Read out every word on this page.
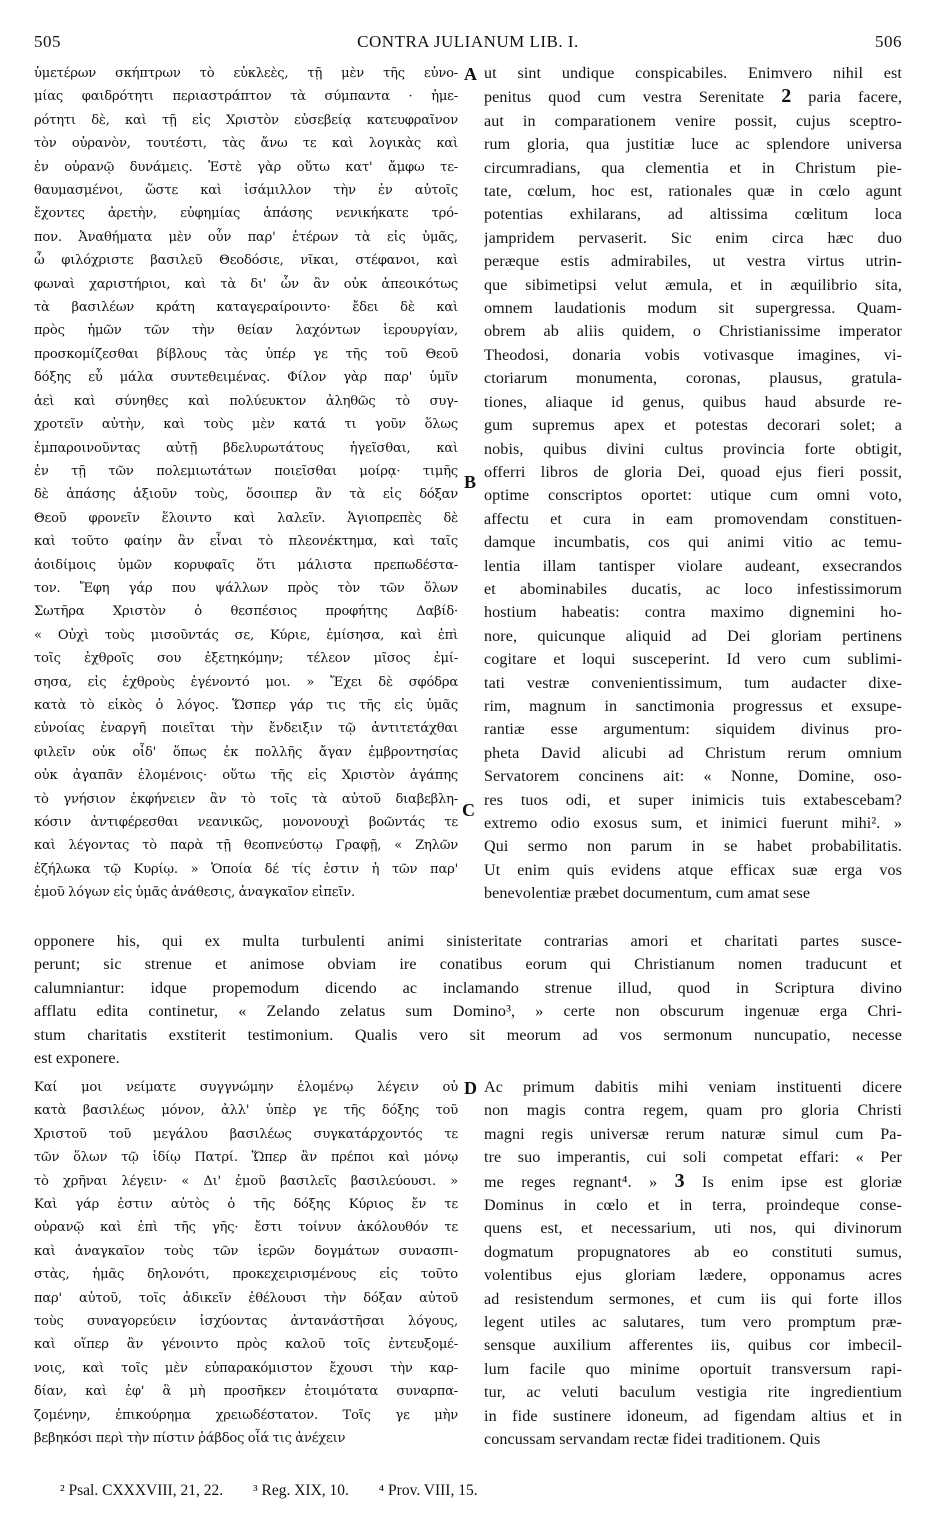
505	CONTRA JULIANUM LIB. I.	506
ὑμετέρων σκήπτρων τὸ εὐκλεὲς, τῇ μὲν τῆς εὐνο-
μίας φαιδρότητι περιαστράπτον τὰ σύμπαντα · ἡμε-
ρότητι δὲ, καὶ τῇ εἰς Χριστὸν εὐσεβείᾳ κατευφραῖνον
τὸν οὐρανὸν, τουτέστι, τὰς ἄνω τε καὶ λογικὰς καὶ
ἐν οὐρανῷ δυνάμεις. Ἐστὲ γὰρ οὕτω κατ' ἄμφω τε-
θαυμασμένοι, ὥστε καὶ ἰσάμιλλον τὴν ἐν αὐτοῖς
ἔχοντες ἀρετὴν, εὐφημίας ἁπάσης νενικήκατε τρό-
πον. Ἀναθήματα μὲν οὖν παρ' ἑτέρων τὰ εἰς ὑμᾶς,
ὦ φιλόχριστε βασιλεῦ Θεοδόσιε, νῖκαι, στέφανοι, καὶ
φωναὶ χαριστήριοι, καὶ τὰ δι' ὧν ἂν οὐκ ἀπεοικότως
τὰ βασιλέων κράτη καταγεραίροιντο· ἔδει δὲ καὶ
πρὸς ἡμῶν τῶν τὴν θείαν λαχόντων ἱερουργίαν,
προσκομίζεσθαι βίβλους τὰς ὑπέρ γε τῆς τοῦ Θεοῦ
δόξης εὖ μάλα συντεθειμένας. Φίλον γὰρ παρ' ὑμῖν
ἀεὶ καὶ σύνηθες καὶ πολύευκτον ἀληθῶς τὸ συγ-
χροτεῖν αὐτὴν, καὶ τοὺς μὲν κατά τι γοῦν ὅλως
ἐμπαροινοῦντας αὐτῇ βδελυρωτάτους ἡγεῖσθαι, καὶ
ἐν τῇ τῶν πολεμιωτάτων ποιεῖσθαι μοίρᾳ· τιμῆς
δὲ ἁπάσης ἀξιοῦν τοὺς, ὅσοιπερ ἂν τὰ εἰς δόξαν
Θεοῦ φρονεῖν ἕλοιντο καὶ λαλεῖν. Ἁγιοπρεπὲς δὲ
καὶ τοῦτο φαίην ἂν εἶναι τὸ πλεονέκτημα, καὶ ταῖς
ἀοιδίμοις ὑμῶν κορυφαῖς ὅτι μάλιστα πρεπωδέστα-
τον. Ἔφη γάρ που ψάλλων πρὸς τὸν τῶν ὅλων
Σωτῆρα Χριστὸν ὁ θεσπέσιος προφήτης Δαβίδ·
« Οὐχὶ τοὺς μισοῦντάς σε, Κύριε, ἐμίσησα, καὶ ἐπὶ
τοῖς ἐχθροῖς σου ἐξετηκόμην; τέλεον μῖσος ἐμί-
σησα, εἰς ἐχθροὺς ἐγένοντό μοι. » Ἔχει δὲ σφόδρα
κατὰ τὸ εἰκὸς ὁ λόγος. Ὥσπερ γάρ τις τῆς εἰς ὑμᾶς
εὐνοίας ἐναργῆ ποιεῖται τὴν ἔνδειξιν τῷ ἀντιτετάχθαι
φιλεῖν οὐκ οἶδ' ὅπως ἐκ πολλῆς ἄγαν ἐμβροντησίας
οὐκ ἀγαπᾶν ἑλομένοις· οὕτω τῆς εἰς Χριστὸν ἀγάπης
τὸ γνήσιον ἐκφήνειεν ἂν τὸ τοῖς τὰ αὐτοῦ διαβεβλη-
κόσιν ἀντιφέρεσθαι νεανικῶς, μονονουχὶ βοῶντάς τε
καὶ λέγοντας τὸ παρὰ τῇ θεοπνεύστῳ Γραφῇ, « Ζηλῶν
ἐζήλωκα τῷ Κυρίῳ. » Ὁποία δέ τίς ἐστιν ἡ τῶν παρ'
ἐμοῦ λόγων εἰς ὑμᾶς ἀνάθεσις, ἀναγκαῖον εἰπεῖν.
A ut sint undique conspicabiles. Enimvero nihil est
penitus quod cum vestra Serenitate 2 paria facere,
aut in comparationem venire possit, cujus sceptro-
rum gloria, qua justitiæ luce ac splendore universa
circumradians, qua clementia et in Christum pie-
tate, cœlum, hoc est, rationales quæ in cœlo agunt
potentias exhilarans, ad altissima cœlitum loca
jampridem pervaserit. Sic enim circa hæc duo
peræque estis admirabiles, ut vestra virtus utrin-
que sibimetipsi velut æmula, et in æquilibrio sita,
omnem laudationis modum sit supergressa. Quam-
obrem ab aliis quidem, o Christianissime imperator
Theodosi, donaria vobis votivasque imagines, vi-
ctoriarum monumenta, coronas, plausus, gratula-
tiones, aliaque id genus, quibus haud absurde re-
gum supremus apex et potestas decorari solet; a
nobis, quibus divini cultus provincia forte obtigit,
offerri libros de gloria Dei, quoad ejus fieri possit,
optime conscriptos oportet: utique cum omni voto,
affectu et cura in eam promovendam constituen-
damque incumbatis, cos qui animi vitio ac temu-
lentia illam tantisper violare audeant, exsecrandos
et abominabiles ducatis, ac loco infestissimorum
hostium habeatis: contra maximo dignemini ho-
nore, quicunque aliquid ad Dei gloriam pertinens
cogitare et loqui susceperint. Id vero cum sublimi-
tati vestræ convenientissimum, tum audacter dixe-
rim, magnum in sanctimonia progressus et exsupe-
rantiæ esse argumentum: siquidem divinus pro-
pheta David alicubi ad Christum rerum omnium
Servatorem concinens ait: « Nonne, Domine, oso-
res tuos odi, et super inimicis tuis extabescebam?
extremo odio exosus sum, et inimici fuerunt mihi². »
Qui sermo non parum in se habet probabilitatis.
Ut enim quis evidens atque efficax suæ erga vos
benevolentiæ præbet documentum, cum amat sese
B
C
opponere his, qui ex multa turbulenti animi sinisteritate contrarias amori et charitati partes susce-
perunt; sic strenue et animose obviam ire conatibus eorum qui Christianum nomen traducunt et
calumniantur: idque propemodum dicendo ac inclamando strenue illud, quod in Scriptura divino
afflatu edita continetur, « Zelando zelatus sum Domino³, » certe non obscurum ingenuæ erga Chri-
stum charitatis exstiterit testimonium. Qualis vero sit meorum ad vos sermonum nuncupatio, necesse
est exponere.
Καί μοι νείματε συγγνώμην ἑλομένῳ λέγειν οὐ
κατὰ βασιλέως μόνον, ἀλλ' ὑπὲρ γε τῆς δόξης τοῦ
Χριστοῦ τοῦ μεγάλου βασιλέως συγκατάρχοντός τε
τῶν ὅλων τῷ ἰδίῳ Πατρί. Ὥπερ ἂν πρέποι καὶ μόνῳ
τὸ χρῆναι λέγειν· « Δι' ἐμοῦ βασιλεῖς βασιλεύουσι. »
Καὶ γάρ ἐστιν αὐτὸς ὁ τῆς δόξης Κύριος ἔν τε
οὐρανῷ καὶ ἐπὶ τῆς γῆς· ἔστι τοίνυν ἀκόλουθόν τε
καὶ ἀναγκαῖον τοὺς τῶν ἱερῶν δογμάτων συνασπι-
στὰς, ἡμᾶς δηλονότι, προκεχειρισμένους εἰς τοῦτο
παρ' αὐτοῦ, τοῖς ἀδικεῖν ἐθέλουσι τὴν δόξαν αὐτοῦ
τοὺς συναγορεύειν ἰσχύοντας ἀντανάστῆσαι λόγους,
καὶ οἵπερ ἂν γένοιντο πρὸς καλοῦ τοῖς ἐντευξομέ-
νοις, καὶ τοῖς μὲν εὐπαρακόμιστον ἔχουσι τὴν καρ-
δίαν, καὶ ἐφ' ἃ μὴ προσῆκεν ἑτοιμότατα συναρπα-
ζομένην, ἐπικούρημα χρειωδέστατον. Τοῖς γε μὴν
βεβηκόσι περὶ τὴν πίστιν ῥάβδος οἷά τις ἀνέχειν
D Ac primum dabitis mihi veniam instituenti dicere
non magis contra regem, quam pro gloria Christi
magni regis universæ rerum naturæ simul cum Pa-
tre suo imperantis, cui soli competat effari: « Per
me reges regnant⁴. » 3 Is enim ipse est gloriæ
Dominus in cœlo et in terra, proindeque conse-
quens est, et necessarium, uti nos, qui divinorum
dogmatum propugnatores ab eo constituti sumus,
volentibus ejus gloriam lædere, opponamus acres
ad resistendum sermones, et cum iis qui forte illos
legent utiles ac salutares, tum vero promptum præ-
sensque auxilium afferentes iis, quibus cor imbecil-
lum facile quo minime oportuit transversum rapi-
tur, ac veluti baculum vestigia rite ingredientium
in fide sustinere idoneum, ad figendam altius et in
concussam servandam rectæ fidei traditionem. Quis
² Psal. CXXXVIII, 21, 22. ³ Reg. XIX, 10. ⁴ Prov. VIII, 15.
